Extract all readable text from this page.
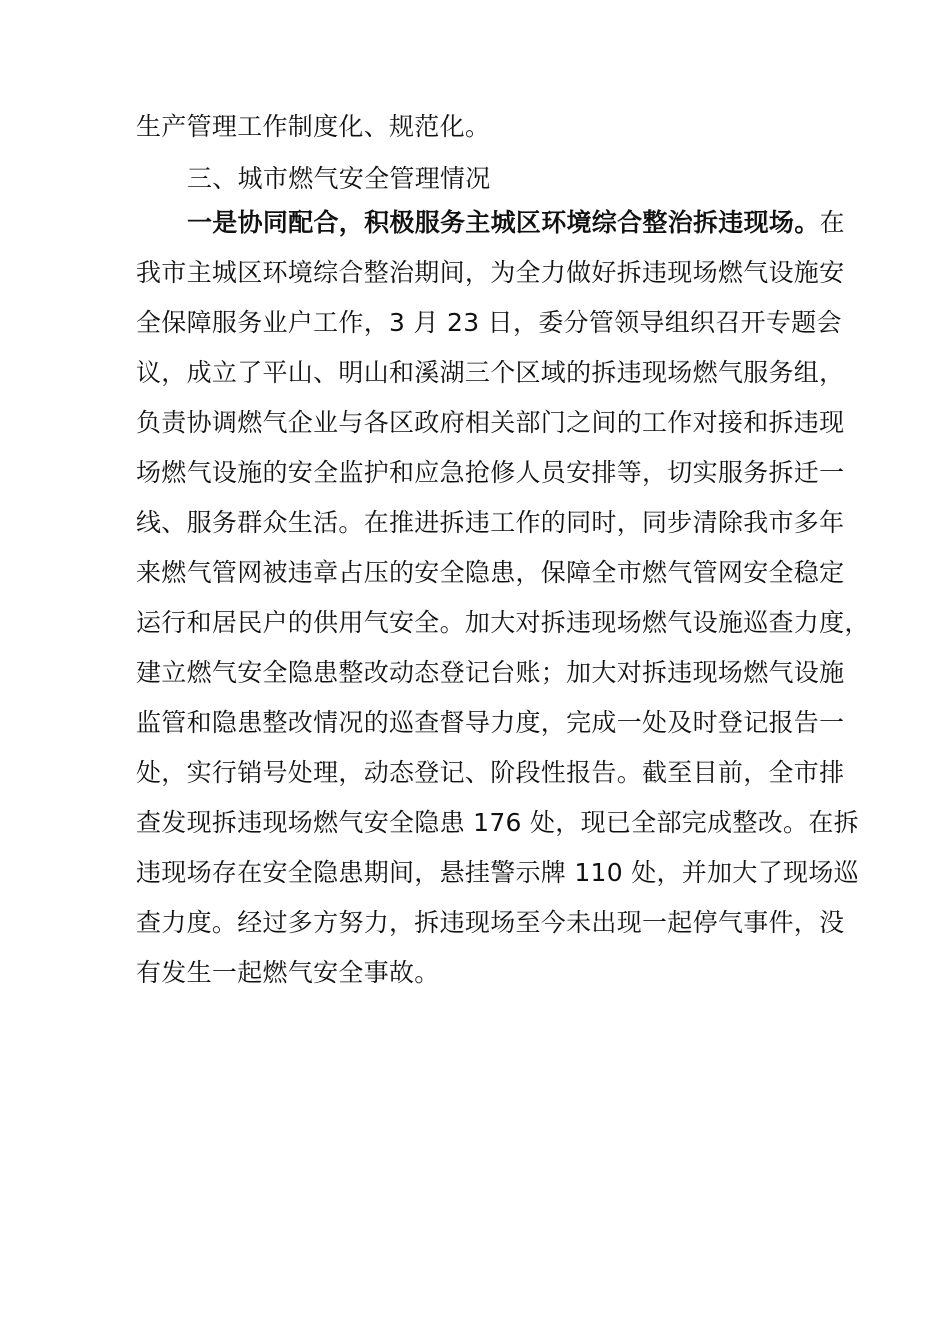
生产管理工作制度化、规范化。
三、城市燃气安全管理情况
一是协同配合，积极服务主城区环境综合整治拆违现场。在
我市主城区环境综合整治期间，为全力做好拆违现场燃气设施安
全保障服务业户工作，3 月 23 日，委分管领导组织召开专题会
议，成立了平山、明山和溪湖三个区域的拆违现场燃气服务组，
负责协调燃气企业与各区政府相关部门之间的工作对接和拆违现
场燃气设施的安全监护和应急抢修人员安排等，切实服务拆迁一
线、服务群众生活。在推进拆违工作的同时，同步清除我市多年
来燃气管网被违章占压的安全隐患，保障全市燃气管网安全稳定
运行和居民户的供用气安全。加大对拆违现场燃气设施巡查力度，
建立燃气安全隐患整改动态登记台账；加大对拆违现场燃气设施
监管和隐患整改情况的巡查督导力度，完成一处及时登记报告一
处，实行销号处理，动态登记、阶段性报告。截至目前，全市排
查发现拆违现场燃气安全隐患 176 处，现已全部完成整改。在拆
违现场存在安全隐患期间，悬挂警示牌 110 处，并加大了现场巡
查力度。经过多方努力，拆违现场至今未出现一起停气事件，没
有发生一起燃气安全事故。
